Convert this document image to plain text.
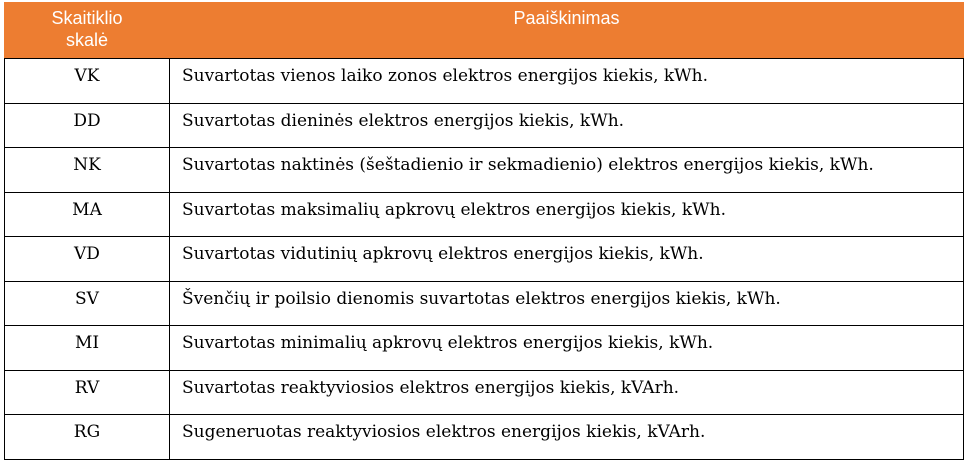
Skaitiklio
skalė	Paaiškinimas
VK	Suvartotas vienos laiko zonos elektros energijos kiekis, kWh.
DD	Suvartotas dieninės elektros energijos kiekis, kWh.
NK	Suvartotas naktinės (šeštadienio ir sekmadienio) elektros energijos kiekis, kWh.
MA	Suvartotas maksimalių apkrovų elektros energijos kiekis, kWh.
VD	Suvartotas vidutinių apkrovų elektros energijos kiekis, kWh.
SV	Švenčių ir poilsio dienomis suvartotas elektros energijos kiekis, kWh.
MI	Suvartotas minimalių apkrovų elektros energijos kiekis, kWh.
RV	Suvartotas reaktyviosios elektros energijos kiekis, kVArh.
RG	Sugeneruotas reaktyviosios elektros energijos kiekis, kVArh.
